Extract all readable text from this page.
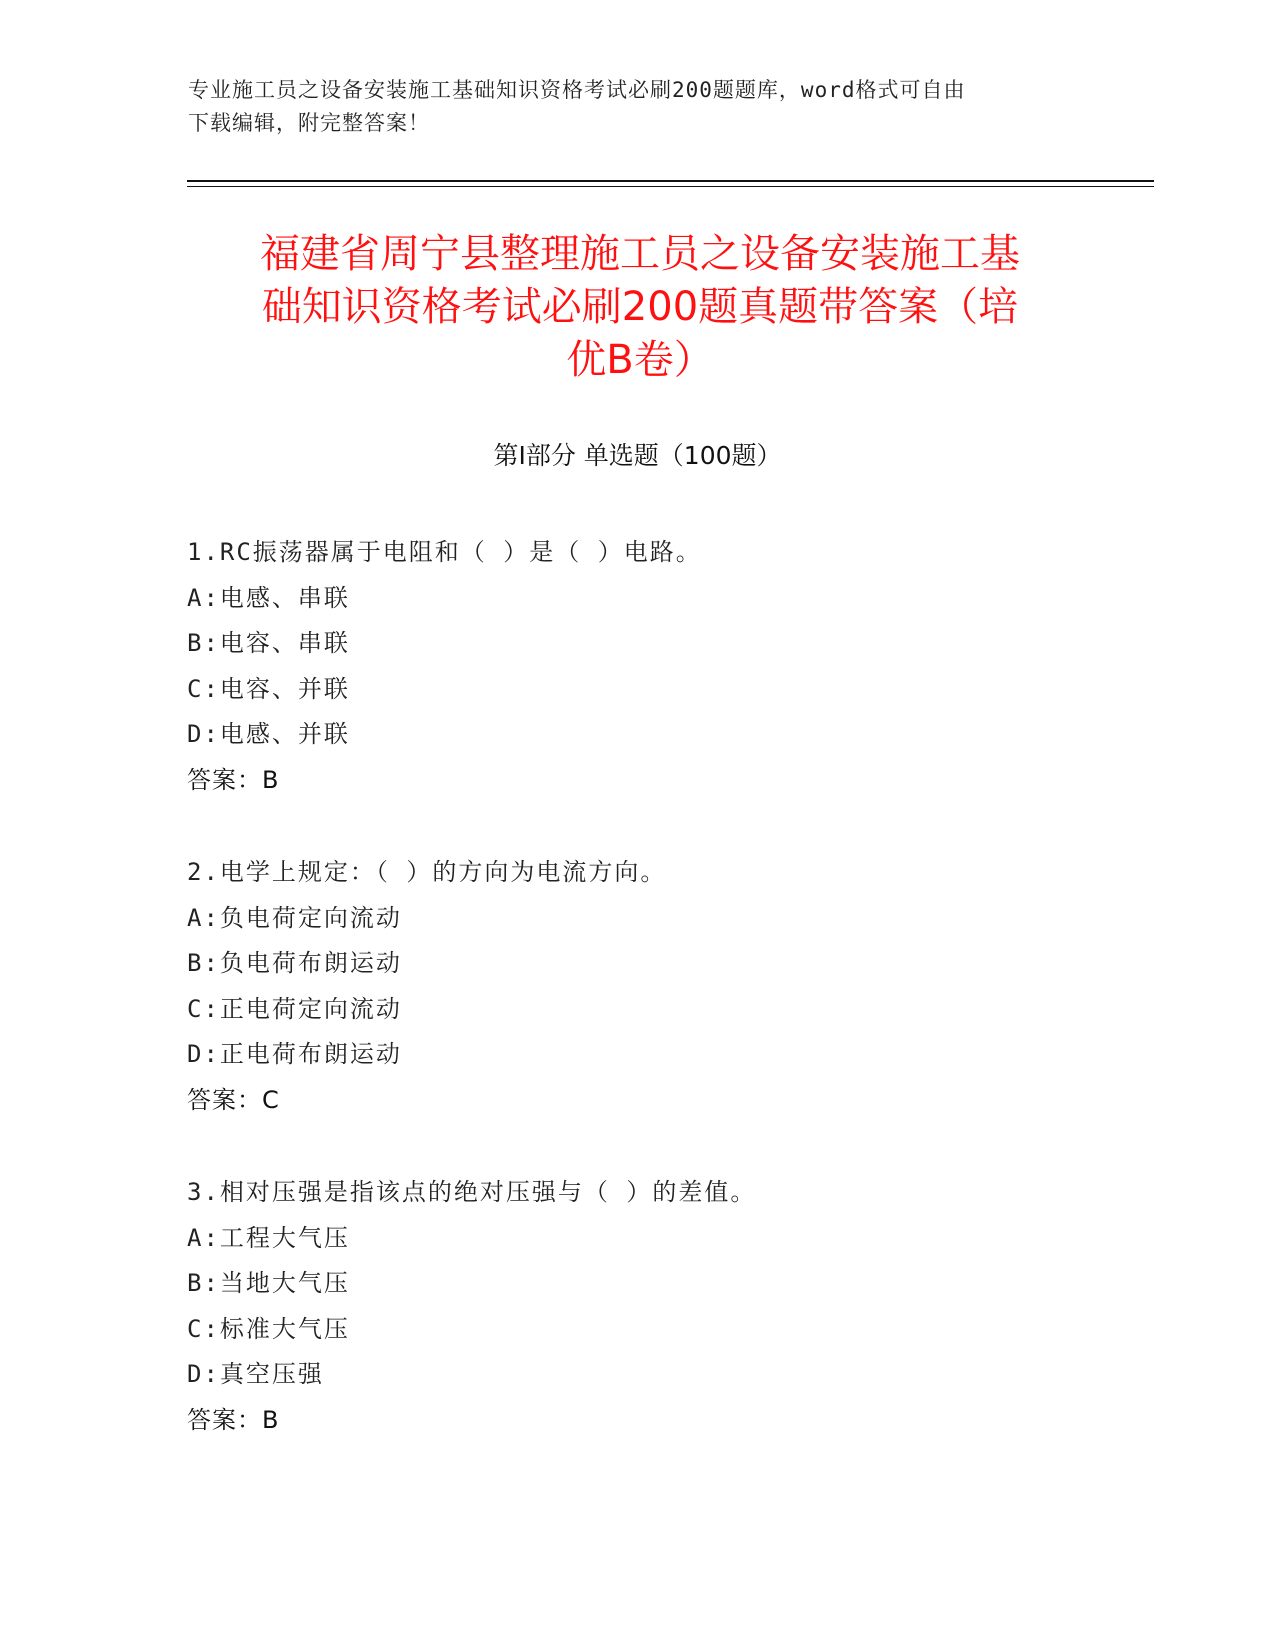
专业施工员之设备安装施工基础知识资格考试必刷200题题库，word格式可自由
下载编辑，附完整答案！
福建省周宁县整理施工员之设备安装施工基
础知识资格考试必刷200题真题带答案（培
优B卷）
第Ⅰ部分 单选题（100题）
1.RC振荡器属于电阻和（ ）是（ ）电路。
A:电感、串联
B:电容、串联
C:电容、并联
D:电感、并联
答案：B
2.电学上规定：（ ）的方向为电流方向。
A:负电荷定向流动
B:负电荷布朗运动
C:正电荷定向流动
D:正电荷布朗运动
答案：C
3.相对压强是指该点的绝对压强与（ ）的差值。
A:工程大气压
B:当地大气压
C:标准大气压
D:真空压强
答案：B
